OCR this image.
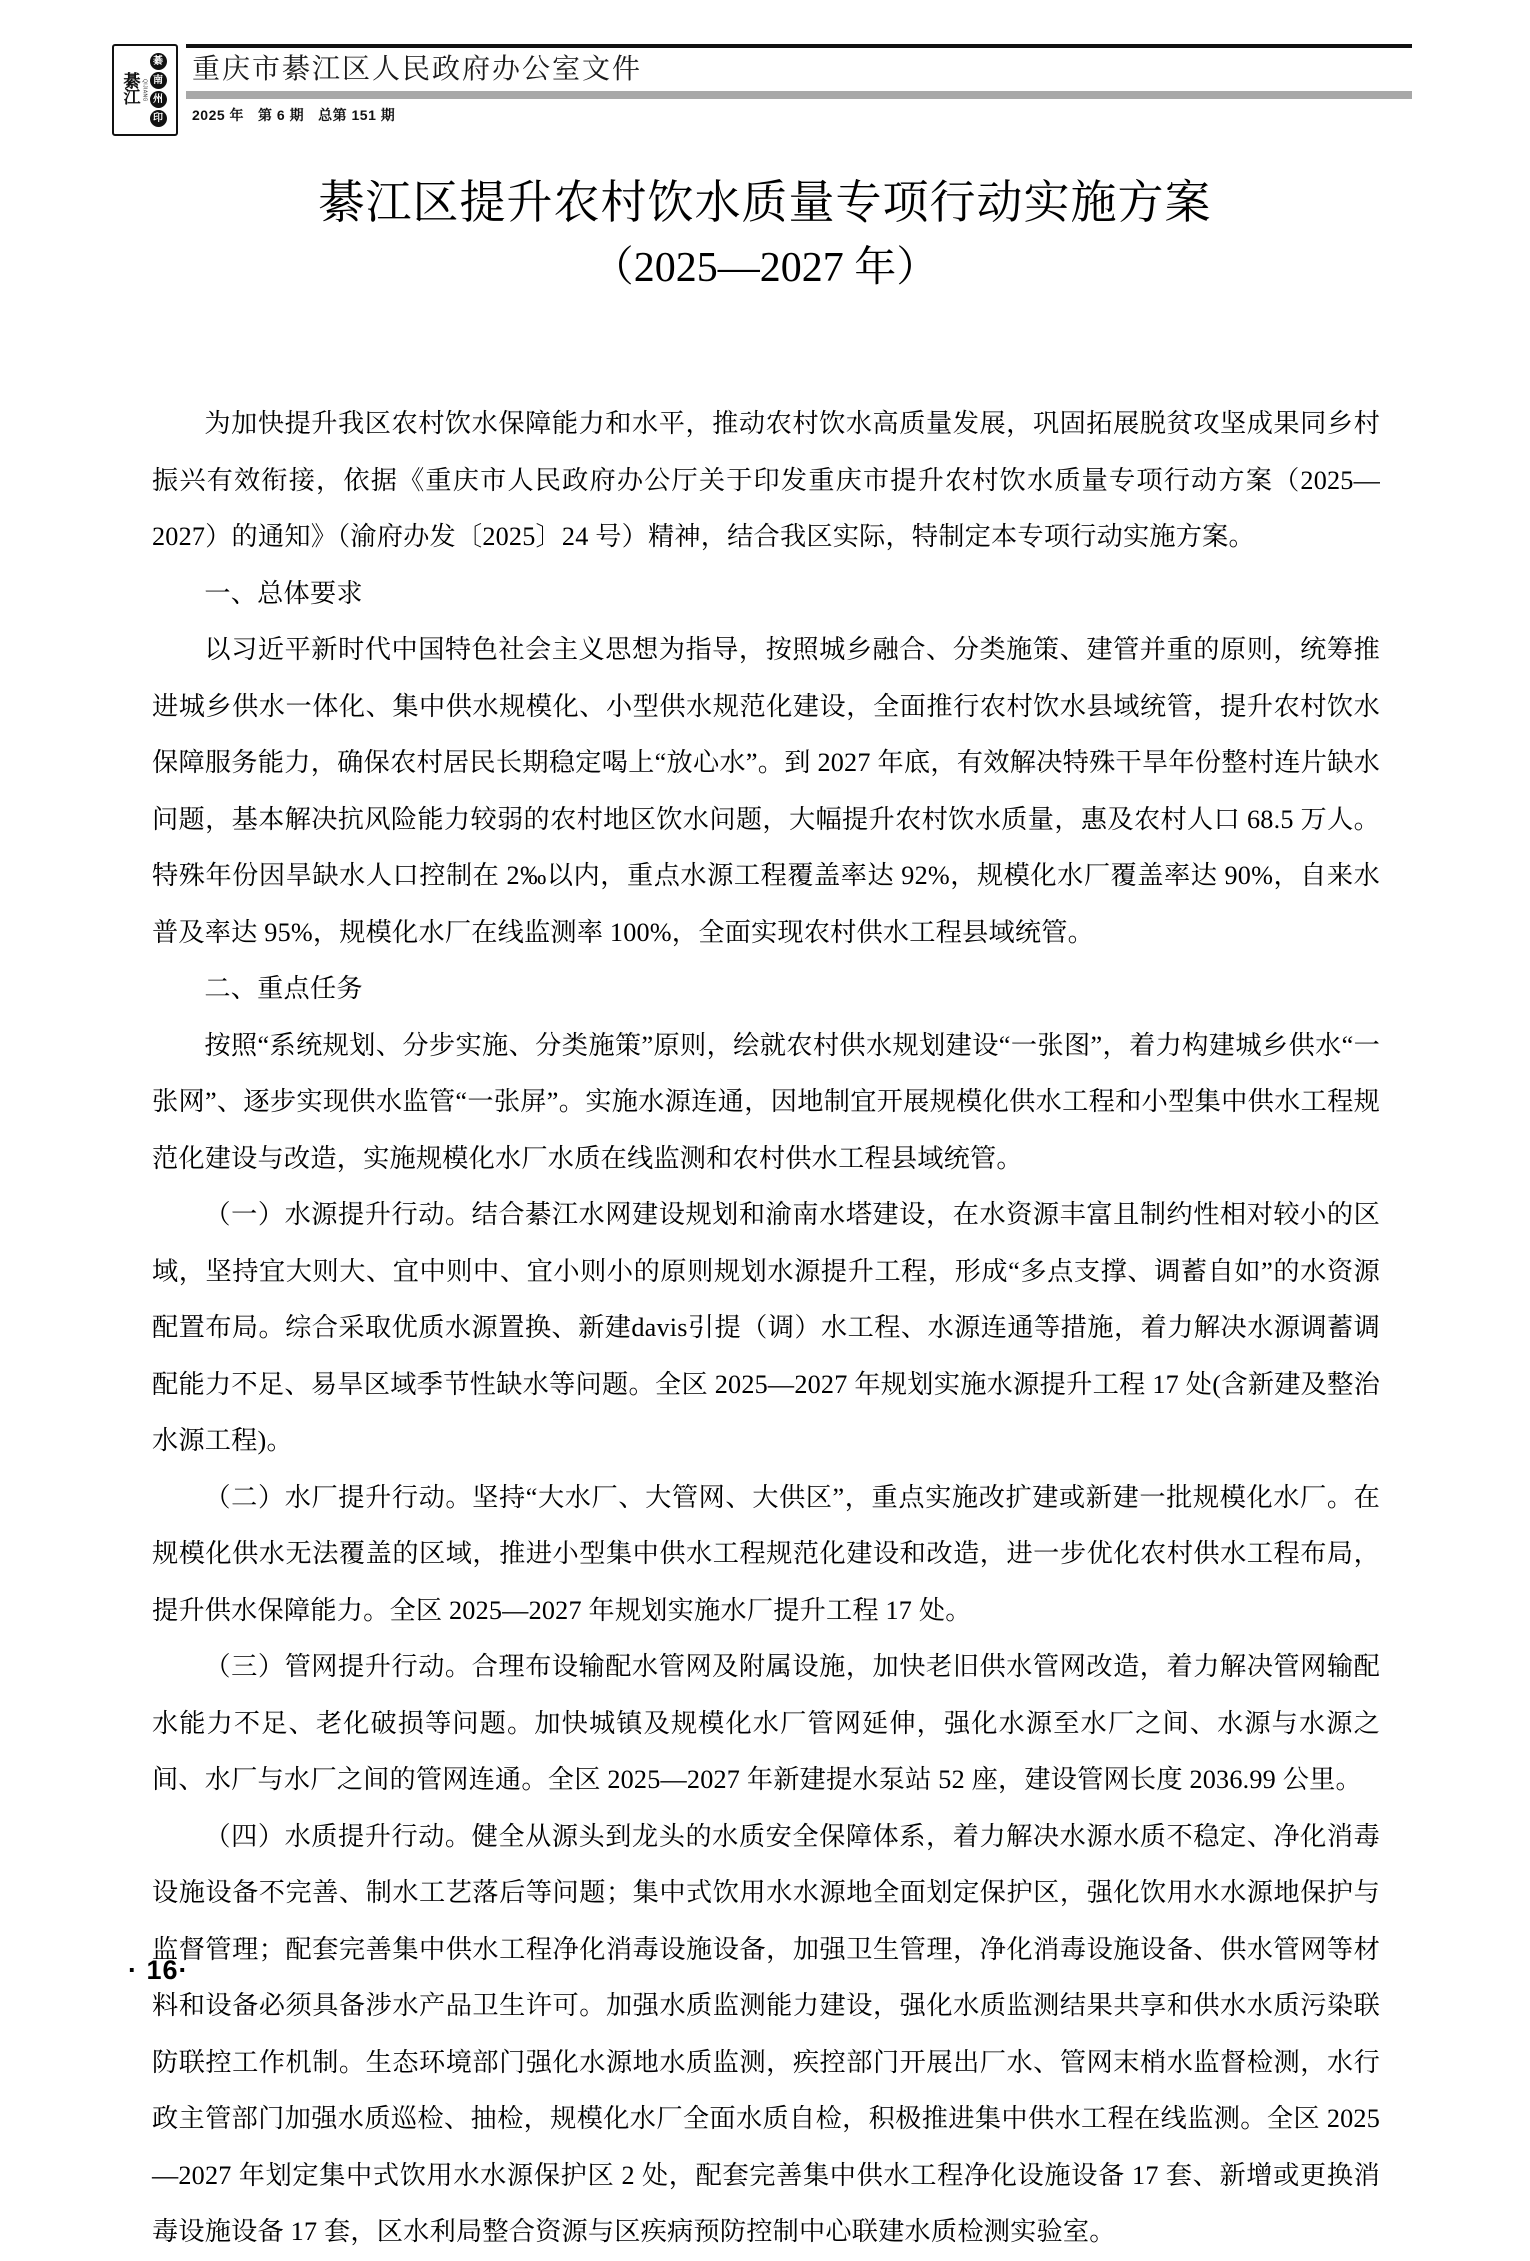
綦
江 QIJIANG
綦
南
州
印
重庆市綦江区人民政府办公室文件
2025 年 第 6 期 总第 151 期
綦江区提升农村饮水质量专项行动实施方案
（2025—2027 年）

为加快提升我区农村饮水保障能力和水平，推动农村饮水高质量发展，巩固拓展脱贫攻坚成果同乡村振兴有效衔接，依据《重庆市人民政府办公厅关于印发重庆市提升农村饮水质量专项行动方案（2025—2027）的通知》（渝府办发〔2025〕24 号）精神，结合我区实际，特制定本专项行动实施方案。

一、总体要求

以习近平新时代中国特色社会主义思想为指导，按照城乡融合、分类施策、建管并重的原则，统筹推进城乡供水一体化、集中供水规模化、小型供水规范化建设，全面推行农村饮水县域统管，提升农村饮水保障服务能力，确保农村居民长期稳定喝上“放心水”。到 2027 年底，有效解决特殊干旱年份整村连片缺水问题，基本解决抗风险能力较弱的农村地区饮水问题，大幅提升农村饮水质量，惠及农村人口 68.5 万人。特殊年份因旱缺水人口控制在 2‰以内，重点水源工程覆盖率达 92%，规模化水厂覆盖率达 90%，自来水普及率达 95%，规模化水厂在线监测率 100%，全面实现农村供水工程县域统管。

二、重点任务

按照“系统规划、分步实施、分类施策”原则，绘就农村供水规划建设“一张图”，着力构建城乡供水“一张网”、逐步实现供水监管“一张屏”。实施水源连通，因地制宜开展规模化供水工程和小型集中供水工程规范化建设与改造，实施规模化水厂水质在线监测和农村供水工程县域统管。

（一）水源提升行动。结合綦江水网建设规划和渝南水塔建设，在水资源丰富且制约性相对较小的区域，坚持宜大则大、宜中则中、宜小则小的原则规划水源提升工程，形成“多点支撑、调蓄自如”的水资源配置布局。综合采取优质水源置换、新建davis引提（调）水工程、水源连通等措施，着力解决水源调蓄调配能力不足、易旱区域季节性缺水等问题。全区 2025—2027 年规划实施水源提升工程 17 处(含新建及整治水源工程)。

（二）水厂提升行动。坚持“大水厂、大管网、大供区”，重点实施改扩建或新建一批规模化水厂。在规模化供水无法覆盖的区域，推进小型集中供水工程规范化建设和改造，进一步优化农村供水工程布局，提升供水保障能力。全区 2025—2027 年规划实施水厂提升工程 17 处。

（三）管网提升行动。合理布设输配水管网及附属设施，加快老旧供水管网改造，着力解决管网输配水能力不足、老化破损等问题。加快城镇及规模化水厂管网延伸，强化水源至水厂之间、水源与水源之间、水厂与水厂之间的管网连通。全区 2025—2027 年新建提水泵站 52 座，建设管网长度 2036.99 公里。

（四）水质提升行动。健全从源头到龙头的水质安全保障体系，着力解决水源水质不稳定、净化消毒设施设备不完善、制水工艺落后等问题；集中式饮用水水源地全面划定保护区，强化饮用水水源地保护与监督管理；配套完善集中供水工程净化消毒设施设备，加强卫生管理，净化消毒设施设备、供水管网等材料和设备必须具备涉水产品卫生许可。加强水质监测能力建设，强化水质监测结果共享和供水水质污染联防联控工作机制。生态环境部门强化水源地水质监测，疾控部门开展出厂水、管网末梢水监督检测，水行政主管部门加强水质巡检、抽检，规模化水厂全面水质自检，积极推进集中供水工程在线监测。全区 2025—2027 年划定集中式饮用水水源保护区 2 处，配套完善集中供水工程净化设施设备 17 套、新增或更换消毒设施设备 17 套，区水利局整合资源与区疾病预防控制中心联建水质检测实验室。

· 16·
